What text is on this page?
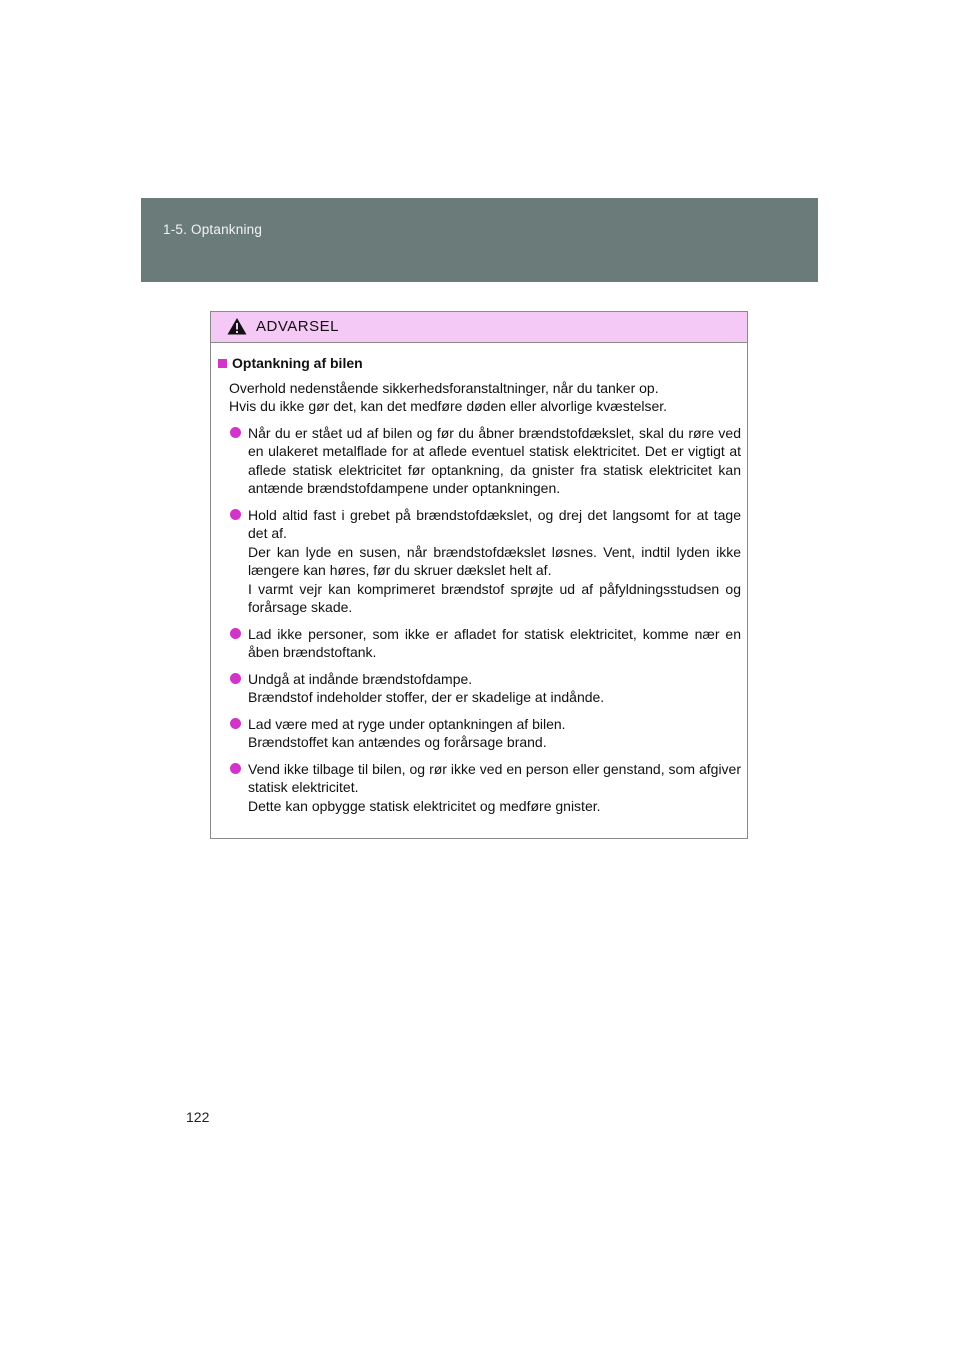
1-5. Optankning
ADVARSEL
Optankning af bilen
Overhold nedenstående sikkerhedsforanstaltninger, når du tanker op.
Hvis du ikke gør det, kan det medføre døden eller alvorlige kvæstelser.

Når du er stået ud af bilen og før du åbner brændstofdækslet, skal du røre ved en ulakeret metalflade for at aflede eventuel statisk elektricitet. Det er vigtigt at aflede statisk elektricitet før optankning, da gnister fra statisk elektricitet kan antænde brændstofdampene under optankningen.

Hold altid fast i grebet på brændstofdækslet, og drej det langsomt for at tage det af.

Der kan lyde en susen, når brændstofdækslet løsnes. Vent, indtil lyden ikke længere kan høres, før du skruer dækslet helt af.

I varmt vejr kan komprimeret brændstof sprøjte ud af påfyldningsstudsen og forårsage skade.

Lad ikke personer, som ikke er afladet for statisk elektricitet, komme nær en åben brændstoftank.

Undgå at indånde brændstofdampe.

Brændstof indeholder stoffer, der er skadelige at indånde.

Lad være med at ryge under optankningen af bilen.

Brændstoffet kan antændes og forårsage brand.

Vend ikke tilbage til bilen, og rør ikke ved en person eller genstand, som afgiver statisk elektricitet.

Dette kan opbygge statisk elektricitet og medføre gnister.

122
